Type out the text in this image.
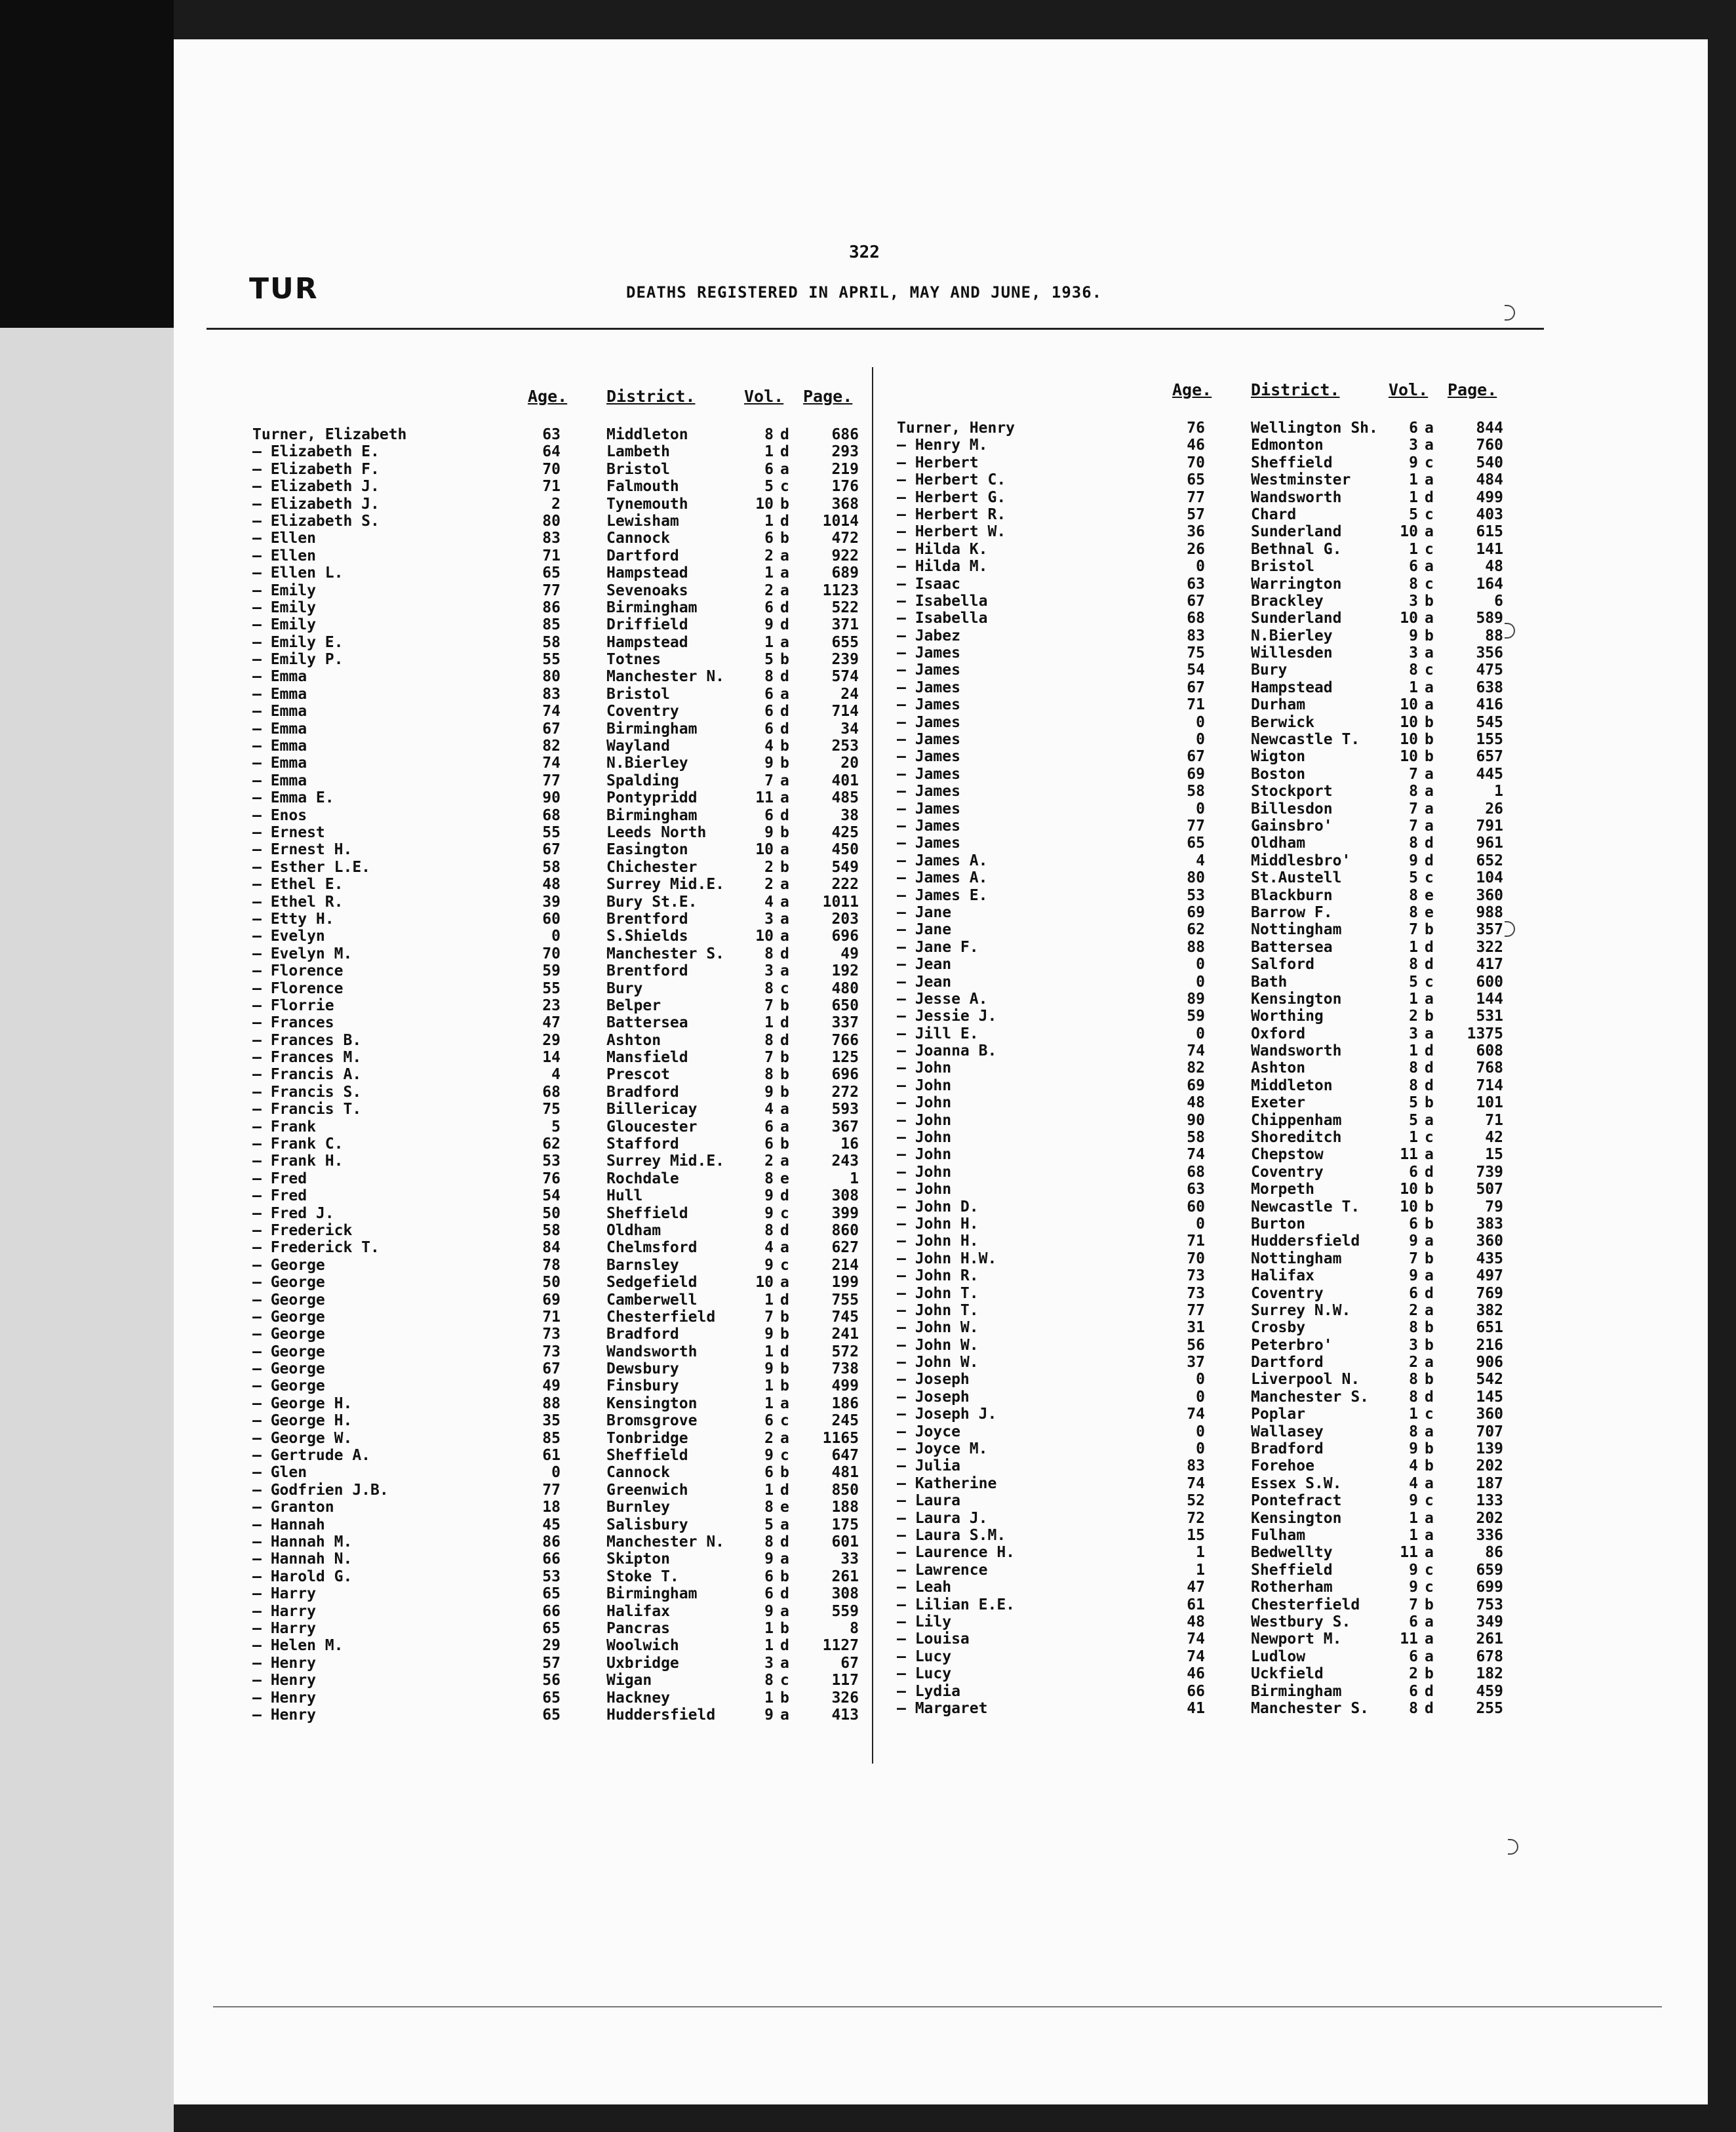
322
TUR	DEATHS REGISTERED IN APRIL, MAY AND JUNE, 1936.
Age. District.	Vol. Page.
Turner, Elizabeth	63	Middleton	8 d	686
— Elizabeth E.	64	Lambeth	1 d	293
— Elizabeth F.	70	Bristol	6 a	219
— Elizabeth J.	71	Falmouth	5 c	176
— Elizabeth J.	2	Tynemouth	10 b	368
— Elizabeth S.	80	Lewisham	1 d	1014
— Ellen	83	Cannock	6 b	472
— Ellen	71	Dartford	2 a	922
— Ellen L.	65	Hampstead	1 a	689
— Emily	77	Sevenoaks	2 a	1123
— Emily	86	Birmingham	6 d	522
— Emily	85	Driffield	9 d	371
— Emily E.	58	Hampstead	1 a	655
— Emily P.	55	Totnes	5 b	239
— Emma	80	Manchester N.	8 d	574
— Emma	83	Bristol	6 a	24
— Emma	74	Coventry	6 d	714
— Emma	67	Birmingham	6 d	34
— Emma	82	Wayland	4 b	253
— Emma	74	N.Bierley	9 b	20
— Emma	77	Spalding	7 a	401
— Emma E.	90	Pontypridd	11 a	485
— Enos	68	Birmingham	6 d	38
— Ernest	55	Leeds North	9 b	425
— Ernest H.	67	Easington	10 a	450
— Esther L.E.	58	Chichester	2 b	549
— Ethel E.	48	Surrey Mid.E.	2 a	222
— Ethel R.	39	Bury St.E.	4 a	1011
— Etty H.	60	Brentford	3 a	203
— Evelyn	0	S.Shields	10 a	696
— Evelyn M.	70	Manchester S.	8 d	49
— Florence	59	Brentford	3 a	192
— Florence	55	Bury	8 c	480
— Florrie	23	Belper	7 b	650
— Frances	47	Battersea	1 d	337
— Frances B.	29	Ashton	8 d	766
— Frances M.	14	Mansfield	7 b	125
— Francis A.	4	Prescot	8 b	696
— Francis S.	68	Bradford	9 b	272
— Francis T.	75	Billericay	4 a	593
— Frank	5	Gloucester	6 a	367
— Frank C.	62	Stafford	6 b	16
— Frank H.	53	Surrey Mid.E.	2 a	243
— Fred	76	Rochdale	8 e	1
— Fred	54	Hull	9 d	308
— Fred J.	50	Sheffield	9 c	399
— Frederick	58	Oldham	8 d	860
— Frederick T.	84	Chelmsford	4 a	627
— George	78	Barnsley	9 c	214
— George	50	Sedgefield	10 a	199
— George	69	Camberwell	1 d	755
— George	71	Chesterfield	7 b	745
— George	73	Bradford	9 b	241
— George	73	Wandsworth	1 d	572
— George	67	Dewsbury	9 b	738
— George	49	Finsbury	1 b	499
— George H.	88	Kensington	1 a	186
— George H.	35	Bromsgrove	6 c	245
— George W.	85	Tonbridge	2 a	1165
— Gertrude A.	61	Sheffield	9 c	647
— Glen	0	Cannock	6 b	481
— Godfrien J.B.	77	Greenwich	1 d	850
— Granton	18	Burnley	8 e	188
— Hannah	45	Salisbury	5 a	175
— Hannah M.	86	Manchester N.	8 d	601
— Hannah N.	66	Skipton	9 a	33
— Harold G.	53	Stoke T.	6 b	261
— Harry	65	Birmingham	6 d	308
— Harry	66	Halifax	9 a	559
— Harry	65	Pancras	1 b	8
— Helen M.	29	Woolwich	1 d	1127
— Henry	57	Uxbridge	3 a	67
— Henry	56	Wigan	8 c	117
— Henry	65	Hackney	1 b	326
— Henry	65	Huddersfield	9 a	413
Age. District.	Vol. Page.
Turner, Henry	76	Wellington Sh.	6 a	844
— Henry M.	46	Edmonton	3 a	760
— Herbert	70	Sheffield	9 c	540
— Herbert C.	65	Westminster	1 a	484
— Herbert G.	77	Wandsworth	1 d	499
— Herbert R.	57	Chard	5 c	403
— Herbert W.	36	Sunderland	10 a	615
— Hilda K.	26	Bethnal G.	1 c	141
— Hilda M.	0	Bristol	6 a	48
— Isaac	63	Warrington	8 c	164
— Isabella	67	Brackley	3 b	6
— Isabella	68	Sunderland	10 a	589
— Jabez	83	N.Bierley	9 b	88
— James	75	Willesden	3 a	356
— James	54	Bury	8 c	475
— James	67	Hampstead	1 a	638
— James	71	Durham	10 a	416
— James	0	Berwick	10 b	545
— James	0	Newcastle T.	10 b	155
— James	67	Wigton	10 b	657
— James	69	Boston	7 a	445
— James	58	Stockport	8 a	1
— James	0	Billesdon	7 a	26
— James	77	Gainsbro'	7 a	791
— James	65	Oldham	8 d	961
— James A.	4	Middlesbro'	9 d	652
— James A.	80	St.Austell	5 c	104
— James E.	53	Blackburn	8 e	360
— Jane	69	Barrow F.	8 e	988
— Jane	62	Nottingham	7 b	357
— Jane F.	88	Battersea	1 d	322
— Jean	0	Salford	8 d	417
— Jean	0	Bath	5 c	600
— Jesse A.	89	Kensington	1 a	144
— Jessie J.	59	Worthing	2 b	531
— Jill E.	0	Oxford	3 a	1375
— Joanna B.	74	Wandsworth	1 d	608
— John	82	Ashton	8 d	768
— John	69	Middleton	8 d	714
— John	48	Exeter	5 b	101
— John	90	Chippenham	5 a	71
— John	58	Shoreditch	1 c	42
— John	74	Chepstow	11 a	15
— John	68	Coventry	6 d	739
— John	63	Morpeth	10 b	507
— John D.	60	Newcastle T.	10 b	79
— John H.	0	Burton	6 b	383
— John H.	71	Huddersfield	9 a	360
— John H.W.	70	Nottingham	7 b	435
— John R.	73	Halifax	9 a	497
— John T.	73	Coventry	6 d	769
— John T.	77	Surrey N.W.	2 a	382
— John W.	31	Crosby	8 b	651
— John W.	56	Peterbro'	3 b	216
— John W.	37	Dartford	2 a	906
— Joseph	0	Liverpool N.	8 b	542
— Joseph	0	Manchester S.	8 d	145
— Joseph J.	74	Poplar	1 c	360
— Joyce	0	Wallasey	8 a	707
— Joyce M.	0	Bradford	9 b	139
— Julia	83	Forehoe	4 b	202
— Katherine	74	Essex S.W.	4 a	187
— Laura	52	Pontefract	9 c	133
— Laura J.	72	Kensington	1 a	202
— Laura S.M.	15	Fulham	1 a	336
— Laurence H.	1	Bedwellty	11 a	86
— Lawrence	1	Sheffield	9 c	659
— Leah	47	Rotherham	9 c	699
— Lilian E.E.	61	Chesterfield	7 b	753
— Lily	48	Westbury S.	6 a	349
— Louisa	74	Newport M.	11 a	261
— Lucy	74	Ludlow	6 a	678
— Lucy	46	Uckfield	2 b	182
— Lydia	66	Birmingham	6 d	459
— Margaret	41	Manchester S.	8 d	255
